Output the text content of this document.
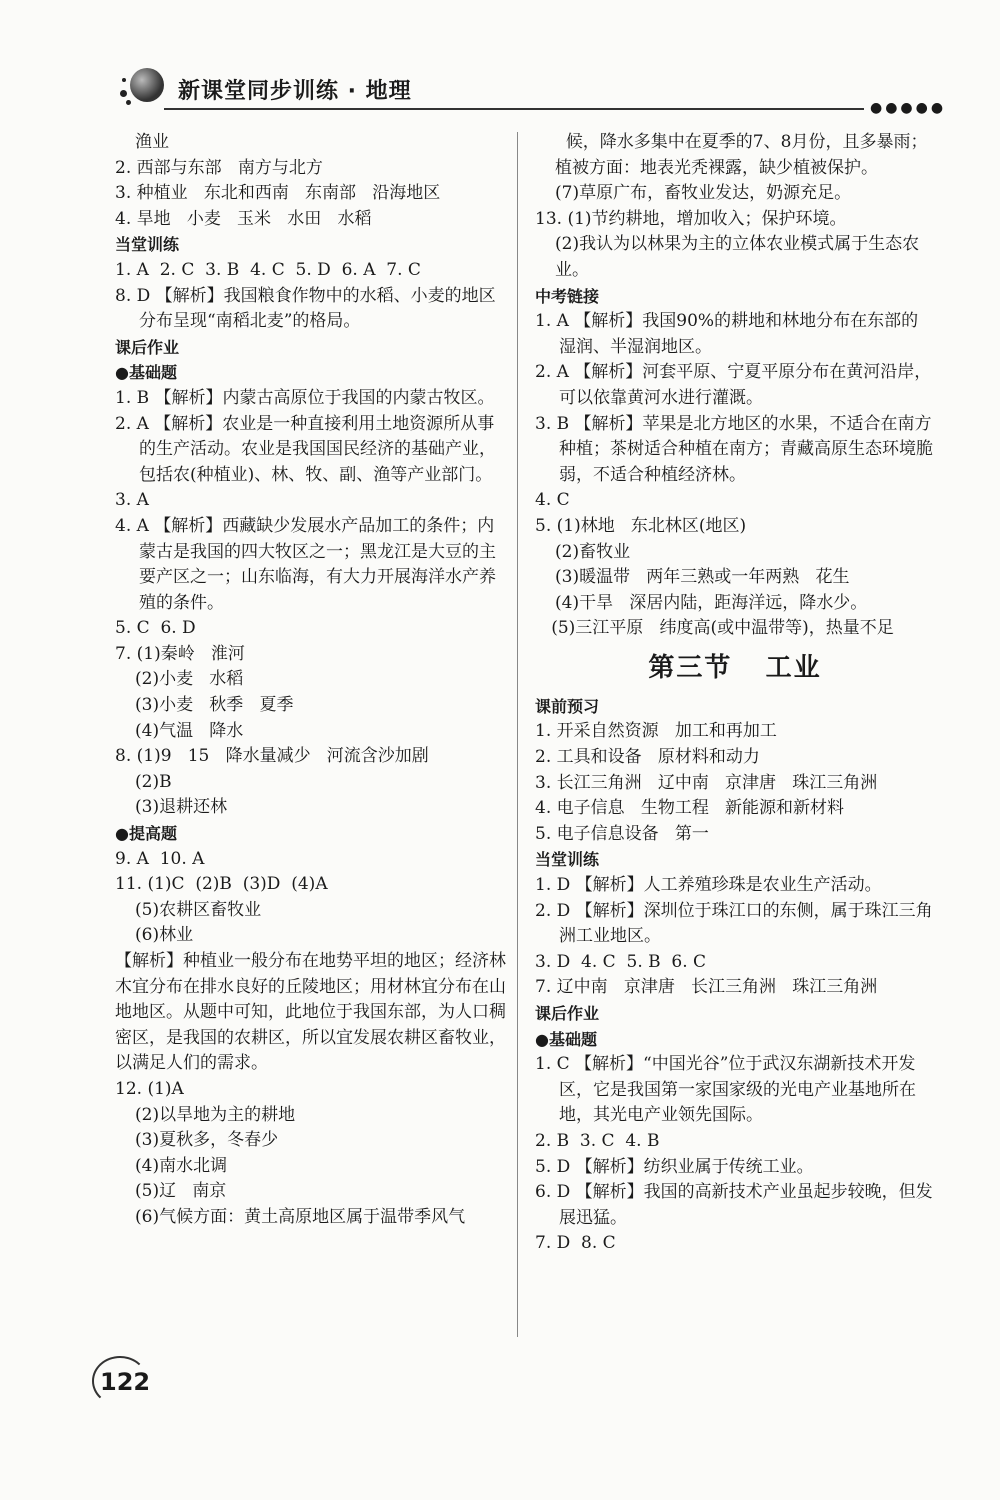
新课堂同步训练 · 地理
●●●●●

渔业

2. 西部与东部   南方与北方

3. 种植业   东北和西南   东南部   沿海地区

4. 旱地   小麦   玉米   水田   水稻

当堂训练

1. A  2. C  3. B  4. C  5. D  6. A  7. C

8. D 【解析】我国粮食作物中的水稻、小麦的地区分布呈现“南稻北麦”的格局。

课后作业

●基础题

1. B 【解析】内蒙古高原位于我国的内蒙古牧区。

2. A 【解析】农业是一种直接利用土地资源所从事的生产活动。农业是我国国民经济的基础产业，包括农(种植业)、林、牧、副、渔等产业部门。

3. A

4. A 【解析】西藏缺少发展水产品加工的条件；内蒙古是我国的四大牧区之一；黑龙江是大豆的主要产区之一；山东临海，有大力开展海洋水产养殖的条件。

5. C  6. D

7. (1)秦岭   淮河

(2)小麦   水稻

(3)小麦   秋季   夏季

(4)气温   降水

8. (1)9   15   降水量减少   河流含沙加剧

(2)B

(3)退耕还林

●提高题

9. A  10. A

11. (1)C  (2)B  (3)D  (4)A

(5)农耕区畜牧业

(6)林业

【解析】种植业一般分布在地势平坦的地区；经济林木宜分布在排水良好的丘陵地区；用材林宜分布在山地地区。从题中可知，此地位于我国东部，为人口稠密区，是我国的农耕区，所以宜发展农耕区畜牧业，以满足人们的需求。

12. (1)A

(2)以旱地为主的耕地

(3)夏秋多，冬春少

(4)南水北调

(5)辽   南京

(6)气候方面：黄土高原地区属于温带季风气

候，降水多集中在夏季的7、8月份，且多暴雨；植被方面：地表光秃裸露，缺少植被保护。

(7)草原广布，畜牧业发达，奶源充足。

13. (1)节约耕地，增加收入；保护环境。

(2)我认为以林果为主的立体农业模式属于生态农业。

中考链接

1. A 【解析】我国90%的耕地和林地分布在东部的湿润、半湿润地区。

2. A 【解析】河套平原、宁夏平原分布在黄河沿岸，可以依靠黄河水进行灌溉。

3. B 【解析】苹果是北方地区的水果，不适合在南方种植；茶树适合种植在南方；青藏高原生态环境脆弱，不适合种植经济林。

4. C

5. (1)林地   东北林区(地区)

(2)畜牧业

(3)暖温带   两年三熟或一年两熟   花生

(4)干旱   深居内陆，距海洋远，降水少。

(5)三江平原   纬度高(或中温带等)，热量不足

第三节   工业

课前预习

1. 开采自然资源   加工和再加工

2. 工具和设备   原材料和动力

3. 长江三角洲   辽中南   京津唐   珠江三角洲

4. 电子信息   生物工程   新能源和新材料

5. 电子信息设备   第一

当堂训练

1. D 【解析】人工养殖珍珠是农业生产活动。

2. D 【解析】深圳位于珠江口的东侧，属于珠江三角洲工业地区。

3. D  4. C  5. B  6. C

7. 辽中南   京津唐   长江三角洲   珠江三角洲

课后作业

●基础题

1. C 【解析】“中国光谷”位于武汉东湖新技术开发区，它是我国第一家国家级的光电产业基地所在地，其光电产业领先国际。

2. B  3. C  4. B

5. D 【解析】纺织业属于传统工业。

6. D 【解析】我国的高新技术产业虽起步较晚，但发展迅猛。

7. D  8. C

122
